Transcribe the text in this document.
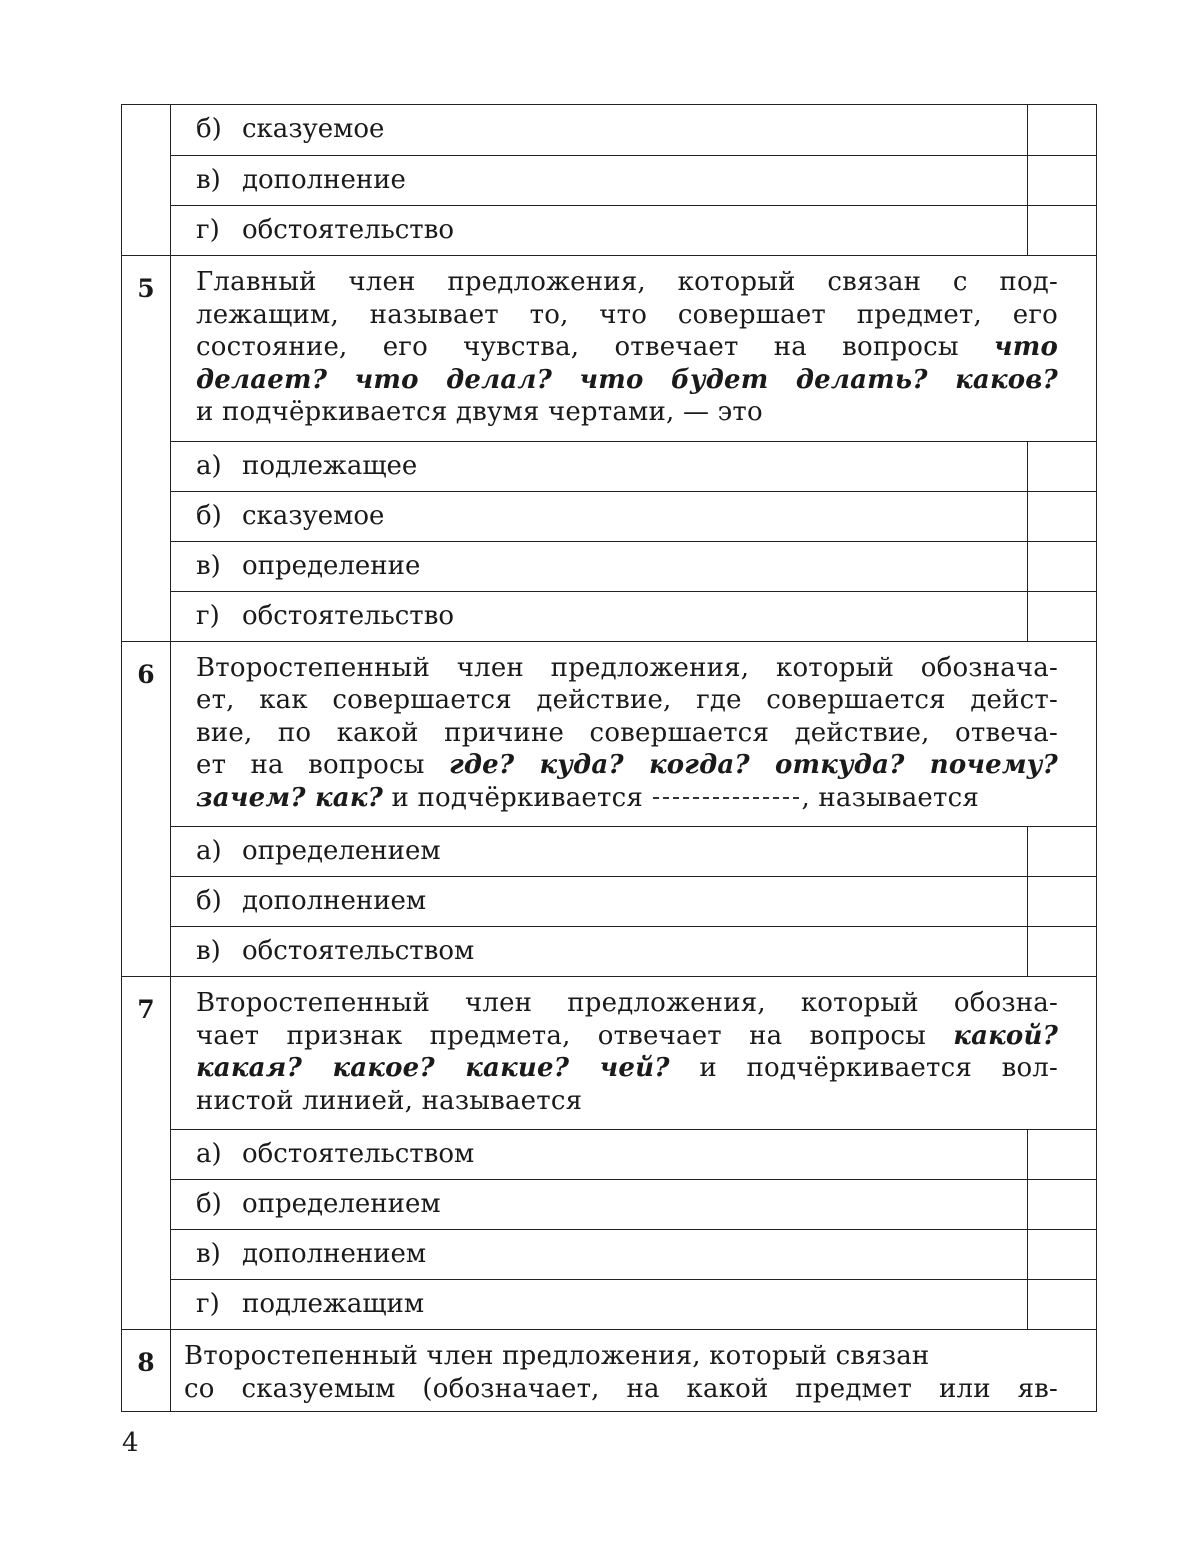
б) сказуемое
в) дополнение
г) обстоятельство
5	Главный член предложения, который связан с под-
лежащим, называет то, что совершает предмет, его
состояние, его чувства, отвечает на вопросы что
делает? что делал? что будет делать? каков?
и подчёркивается двумя чертами, — это
а) подлежащее
б) сказуемое
в) определение
г) обстоятельство
6	Второстепенный член предложения, который обознача-
ет, как совершается действие, где совершается дейст-
вие, по какой причине совершается действие, отвеча-
ет на вопросы где? куда? когда? откуда? почему?
зачем? как? и подчёркивается	, называется
а) определением
б) дополнением
в) обстоятельством
7	Второстепенный член предложения, который обозна-
чает признак предмета, отвечает на вопросы какой?
какая? какое? какие? чей? и подчёркивается вол-
нистой линией, называется
а) обстоятельством
б) определением
в) дополнением
г) подлежащим
8	Второстепенный член предложения, который связан
со сказуемым (обозначает, на какой предмет или яв-
4
